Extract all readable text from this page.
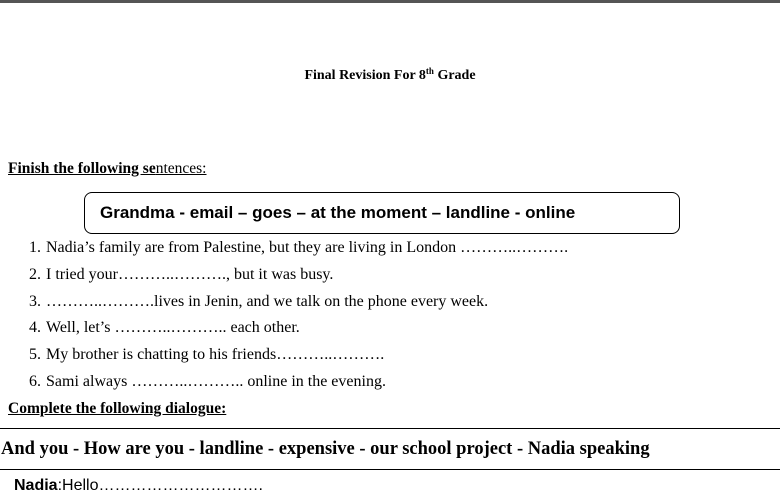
Final Revision For 8th Grade
Finish the following sentences:
Grandma - email – goes – at the moment – landline - online
1. Nadia’s family are from Palestine, but they are living in London ………..……….
2. I tried your………..………., but it was busy.
3. ………..……….lives in Jenin, and we talk on the phone every week.
4. Well, let’s ………..……….. each other.
5. My brother is chatting to his friends………..……….
6. Sami always ………..……….. online in the evening.
Complete the following dialogue:
And you - How are you - landline - expensive - our school project - Nadia speaking
Nadia:Hello………………………….
